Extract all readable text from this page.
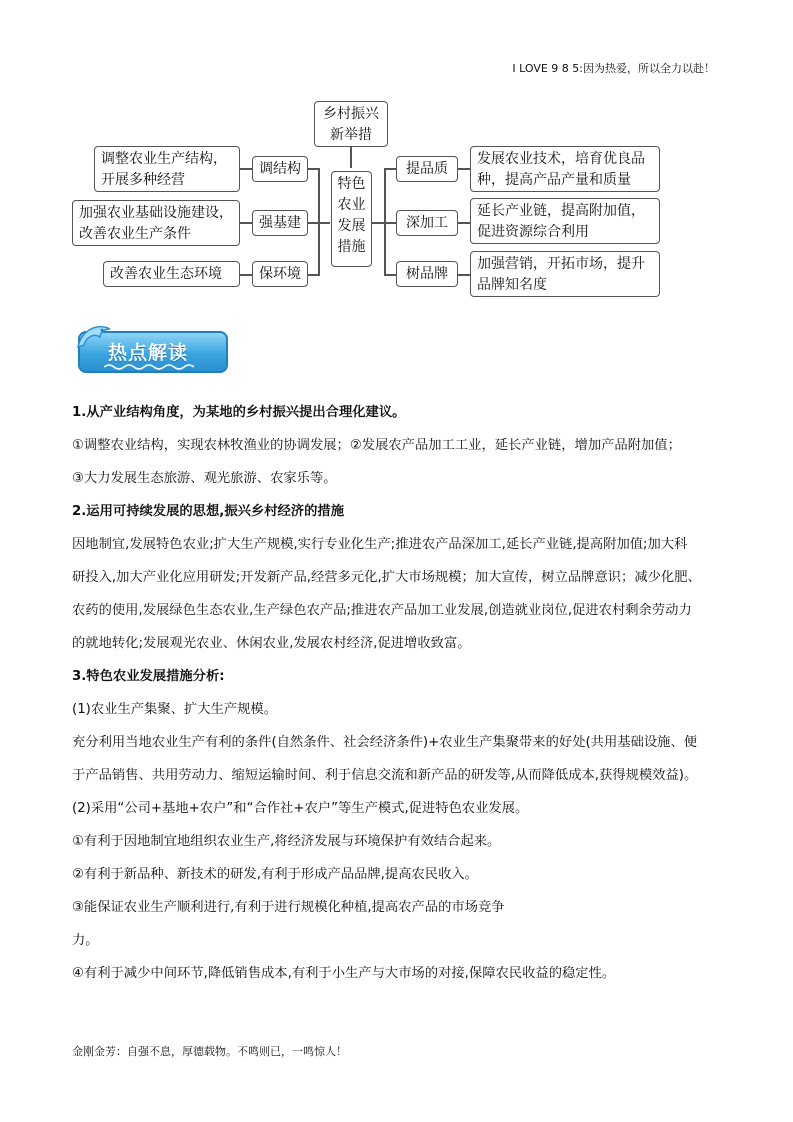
I LOVE 9 8 5:因为热爱，所以全力以赴！
乡村振兴新举措
特色农业发展措施
调整农业生产结构，开展多种经营
加强农业基础设施建设，改善农业生产条件
改善农业生态环境
调结构
强基建
保环境
提品质
深加工
树品牌
发展农业技术，培育优良品种，提高产品产量和质量
延长产业链，提高附加值，促进资源综合利用
加强营销，开拓市场，提升品牌知名度
热点解读

1.从产业结构角度，为某地的乡村振兴提出合理化建议。

①调整农业结构，实现农林牧渔业的协调发展；②发展农产品加工工业，延长产业链，增加产品附加值；

③大力发展生态旅游、观光旅游、农家乐等。

2.运用可持续发展的思想,振兴乡村经济的措施

因地制宜,发展特色农业;扩大生产规模,实行专业化生产;推进农产品深加工,延长产业链,提高附加值;加大科

研投入,加大产业化应用研发;开发新产品,经营多元化,扩大市场规模；加大宣传，树立品牌意识；减少化肥、

农药的使用,发展绿色生态农业,生产绿色农产品;推进农产品加工业发展,创造就业岗位,促进农村剩余劳动力

的就地转化;发展观光农业、休闲农业,发展农村经济,促进增收致富。

3.特色农业发展措施分析:

(1)农业生产集聚、扩大生产规模。

充分利用当地农业生产有利的条件(自然条件、社会经济条件)+农业生产集聚带来的好处(共用基础设施、便

于产品销售、共用劳动力、缩短运输时间、利于信息交流和新产品的研发等,从而降低成本,获得规模效益)。

(2)采用“公司+基地+农户”和“合作社+农户”等生产模式,促进特色农业发展。

①有利于因地制宜地组织农业生产,将经济发展与环境保护有效结合起来。

②有利于新品种、新技术的研发,有利于形成产品品牌,提高农民收入。

③能保证农业生产顺利进行,有利于进行规模化种植,提高农产品的市场竞争

力。

④有利于减少中间环节,降低销售成本,有利于小生产与大市场的对接,保障农民收益的稳定性。

金刚金芳：自强不息，厚德载物。不鸣则已，一鸣惊人！
